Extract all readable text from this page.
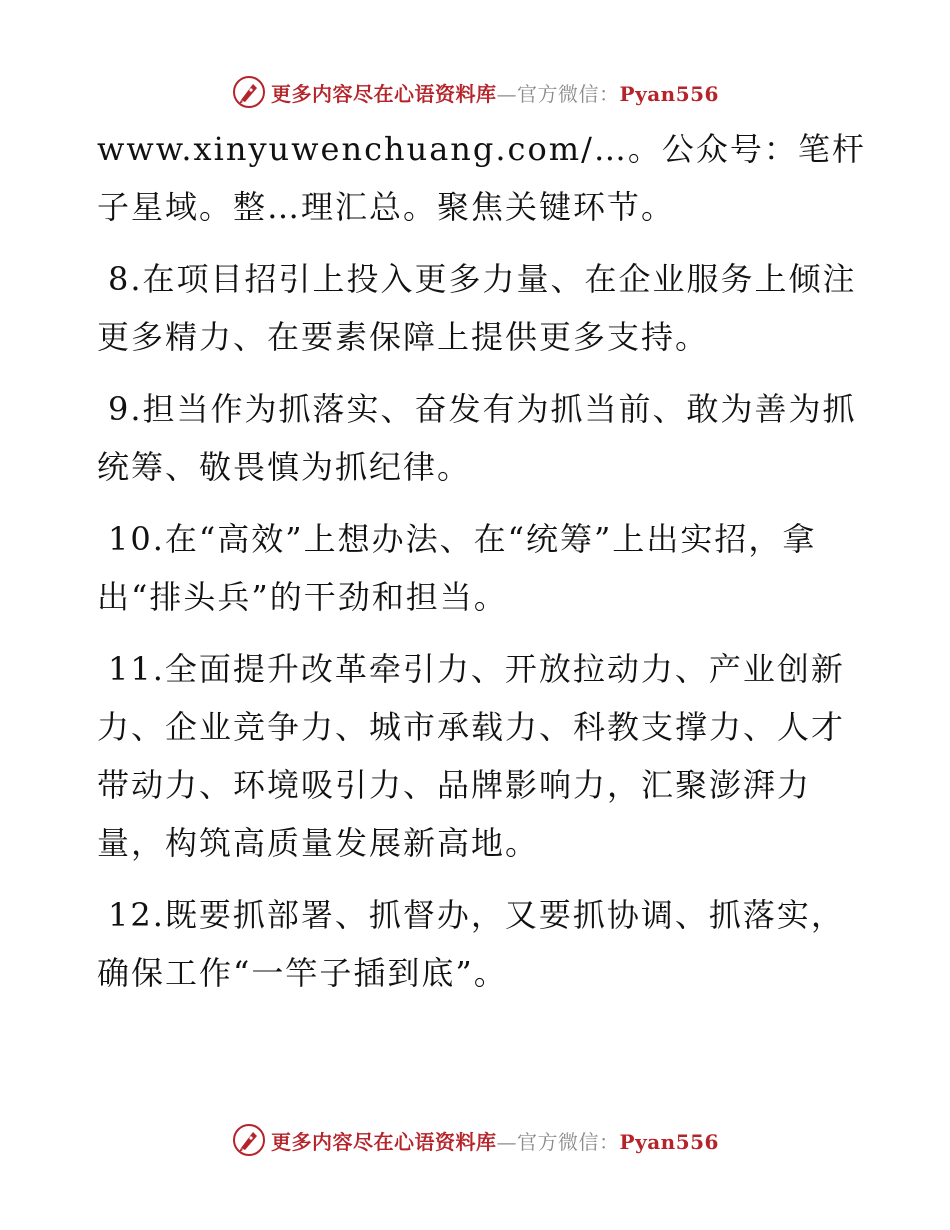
更多内容尽在心语资料库—官方微信：Pyan556

www.xinyuwenchuang.com/…。公众号：笔杆子星域。整…理汇总。聚焦关键环节。

8.在项目招引上投入更多力量、在企业服务上倾注更多精力、在要素保障上提供更多支持。

9.担当作为抓落实、奋发有为抓当前、敢为善为抓统筹、敬畏慎为抓纪律。

10.在“高效”上想办法、在“统筹”上出实招，拿出“排头兵”的干劲和担当。

11.全面提升改革牵引力、开放拉动力、产业创新力、企业竞争力、城市承载力、科教支撑力、人才带动力、环境吸引力、品牌影响力，汇聚澎湃力量，构筑高质量发展新高地。

12.既要抓部署、抓督办，又要抓协调、抓落实，确保工作“一竿子插到底”。

更多内容尽在心语资料库—官方微信：Pyan556
